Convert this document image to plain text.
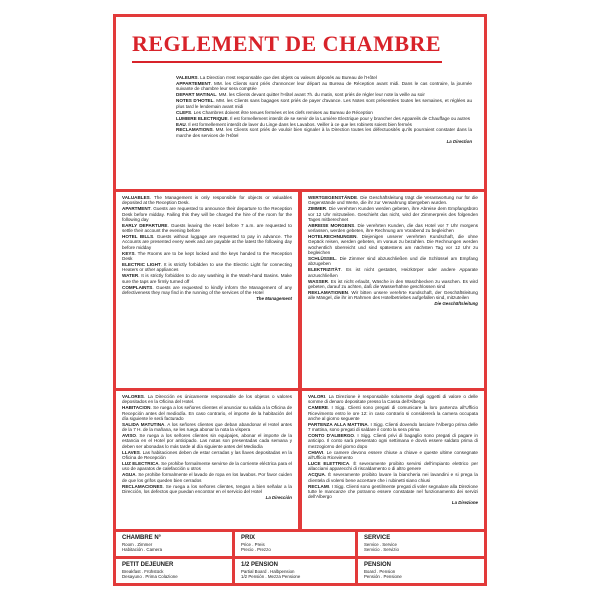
REGLEMENT DE CHAMBRE

VALEURS. La Direction n'est responsable que des objets ou valeurs déposés au Bureau de l'Hôtel

APPARTEMENT. MM. les Clients sont priés d'annoncer leur départ au Bureau de Réception avant midi. Dans le cas contraire, la journée suivante de chambre leur sera comptée

DEPART MATINAL. MM. les Clients devant quitter l'Hôtel avant 7h. du matin, sont priés de régler leur note la veille au soir

NOTES D'HOTEL. MM. les Clients sans bagages sont priés de payer d'avance. Les Notes sont présentées toutes les semaines, et réglées au plus tard le lendemain avant midi

CLEFS. Les Chambres doivent être tenues fermées et les clefs remises au Bureau de Réception

LUMIERE ELECTRIQUE. Il est formellement interdit de se servir de la Lumière Electrique pour y brancher des Appareils de Chauffage ou autres

EAU. Il est formellement interdit de laver du Linge dans les Lavabos. Veiller à ce que les robinets soient bien fermés

RECLAMATIONS. MM. les Clients sont priés de vouloir bien signaler à la Direction toutes les défectuosités qu'ils pourraient constater dans la marche des services de l'Hôtel

La Direction

VALUABLES. The Management is only responsible for objects or valuables deposited at the Reception Desk.

APARTMENT. Guests are requested to announce their departure to the Reception Desk before midday. Failing this they will be charged the hire of the room for the following day

EARLY DEPARTURE. Guests leaving the Hotel before 7 a.m. are requested to settle their account the evening before

HOTEL BILLS. Guests without luggage are requested to pay in advance. The Accounts are presented every week and are payable at the latest the following day before midday

KEYS. The Rooms are to be kept locked and the keys handed to the Reception Desk

ELECTRIC LIGHT. It is strictly forbidden to use the Electric Light for connecting Heaters or other appliances

WATER. It is strictly forbidden to do any washing in the Wash-hand Basins. Make sure the taps are firmly turned off

COMPLAINTS. Guests are requested to kindly inform the Management of any defectiveness they may find in the running of the services of the Hotel

The Management

WERTGEGENSTÄNDE. Die Geschäftsleitung trägt die Verantwortung nur für die Gegenstände und Werte, die ihr zur Verwahrung übergeben wurden.

ZIMMER. Die verehrten Kunden werden gebeten, ihre Abreise dem Empfangsbüro vor 12 Uhr mitzuteilen. Geschieht das nicht, wird der Zimmerpreis des folgenden Tages mitberechnet

ABREISE MORGENS. Die verehrten Kunden, die das Hotel vor 7 Uhr morgens verlassen, werden gebeten, ihre Rechnung am Vorabend zu begleichen

HOTELRECHNUNGEN. Diejenigen unserer verehrten Kundschaft, die ohne Gepäck reisen, werden gebeten, im voraus zu bezahlen. Die Rechnungen werden wöchentlich überreicht und sind spätestens am nächsten Tag vor 12 Uhr zu begleichen

SCHLÜSSEL. Die Zimmer sind abzuschließen und die Schlüssel am Empfang abzugeben

ELEKTRIZITÄT. Es ist nicht gestattet, Heizkörper oder andere Apparate anzuschließen

WASSER. Es ist nicht erlaubt, Wäsche in den Waschbecken zu waschen. Es wird gebeten, darauf zu achten, daß die Wasserhähne geschlossen sind

REKLAMATIONEN. Wir bitten unsere verehrte Kundschaft, der Geschäftsleitung alle Mängel, die ihr im Rahmen des Hotelbetriebes aufgefallen sind, mitzuteilen

Die Geschäftsleitung

VALORES. La Dirección es únicamente responsable de los objetos o valores depositados en la Oficina del Hotel.

HABITACION. Se ruega a los señores clientes el anunciar su salida a la Oficina de Recepción antes del mediodía. En caso contrario, el importe de la habitación del día siguiente le será facturado

SALIDA MATUTINA. A los señores clientes que deban abandonar el Hotel antes de la 7 H. de la mañana, se les ruega abonar la nota la víspera

AVISO. Se ruega a los señores clientes sin equipajes, abonar el importe de la estancia en el Hotel por anticipado. Las notas son presentadas cada semana y deben ser abonadas lo más tarde al día siguiente antes del Mediodía

LLAVES. Las habitaciones deben de estar cerradas y las llaves depositadas en la Oficina de Recepción

LUZ ELECTRICA. Se prohibe formalmente servirse de la corriente eléctrica para el uso de aparatos de calefacción u otros

AGUA. Se prohibe formalmente el lavado de ropa en los lavabos. Por favor cuiden de que los grifos queden bien cerrados

RECLAMACIONES. Se ruega a los señores clientes, tengan a bien señalar a la Dirección, los defectos que puedan encontrar en el servicio del Hotel

La Dirección

VALORI. La Direzione è responsabile solamente degli oggetti di valore o delle somme di denaro depositate presso la Cassa dell'Albergo

CAMERE. I Sigg. Clienti sono pregati di comunicare la loro partenza all'Ufficio Ricevimento entro le ore 12: in caso contrario si considererà la camera occupata anche al giorno seguente

PARTENZA ALLA MATTINA. I Sigg. Clienti dovendo lasciare l'Albergo prima delle 7 mattina, sono pregati di saldare il conto la sera prima

CONTO D'ALBERGO. I Sigg. Clienti privi di bagaglio sono pregati di pagare in anticipo. Il conto sarà presentato ogni settimana e dovrà essere saldato prima di mezzogiorno del giorno dopo

CHIAVI. Le camere devono essere chiuse a chiave e queste ultime consegnate all'Ufficio Ricevimento

LUCE ELETTRICA. È severamente proibito servirsi dell'impianto elettrico per allacciarvi apparecchi di riscaldamento o di altro genere

ACQUA. È severamente proibito lavare la biancheria nei lavandini e si prega la clientela di volersi bene accertare che i rubinetti siano chiusi

RECLAMI. I Sigg. Clienti sono gentilmente pregati di voler segnalare alla Direzione tutte le mancanze che potranno essere constatate nel funzionamento dei servizi dell'Albergo

La Direzione
CHAMBRE N°
Room . Zimmer
Habitación . Camera
PRIX
Price . Preis
Precio . Prezzo
SERVICE
Service . Service
Servicio . Servizio
PETIT DEJEUNER
Breakfast . Frühstück
Desayuno . Prima Colazione
1/2 PENSION
Partial Board . Halbpension
1/2 Pensión . Mezza Pensione
PENSION
Board . Pension
Pensión . Pensione
